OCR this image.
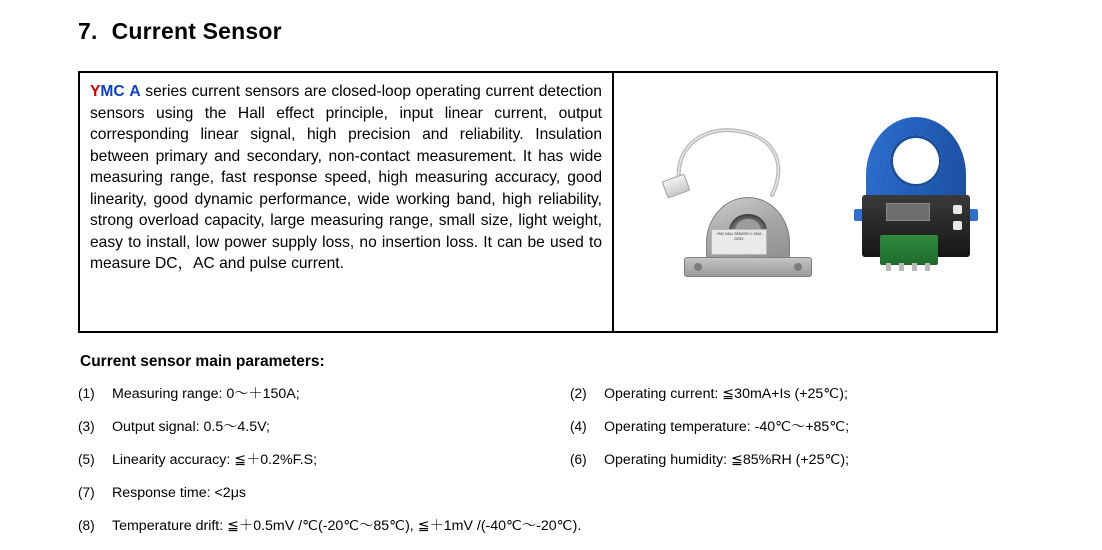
7. Current Sensor
YMC A series current sensors are closed-loop operating current detection sensors using the Hall effect principle, input linear current, output corresponding linear signal, high precision and reliability. Insulation between primary and secondary, non-contact measurement. It has wide measuring range, fast response speed, high measuring accuracy, good linearity, good dynamic performance, wide working band, high reliability, strong overload capacity, large measuring range, small size, light weight, easy to install, low power supply loss, no insertion loss. It can be used to measure DC，AC and pulse current.
YMC HALL SENSOR 0~150A DC5V
Current sensor main parameters:
(1)	Measuring range: 0～＋150A;	(2)	Operating current: ≦30mA+Is (+25℃);
(3)	Output signal: 0.5～4.5V;	(4)	Operating temperature: -40℃～+85℃;
(5)	Linearity accuracy: ≦＋0.2%F.S;	(6)	Operating humidity: ≦85%RH (+25℃);
(7)	Response time: <2μs
(8)	Temperature drift: ≦＋0.5mV /℃(-20℃～85℃), ≦＋1mV /(-40℃～-20℃).
